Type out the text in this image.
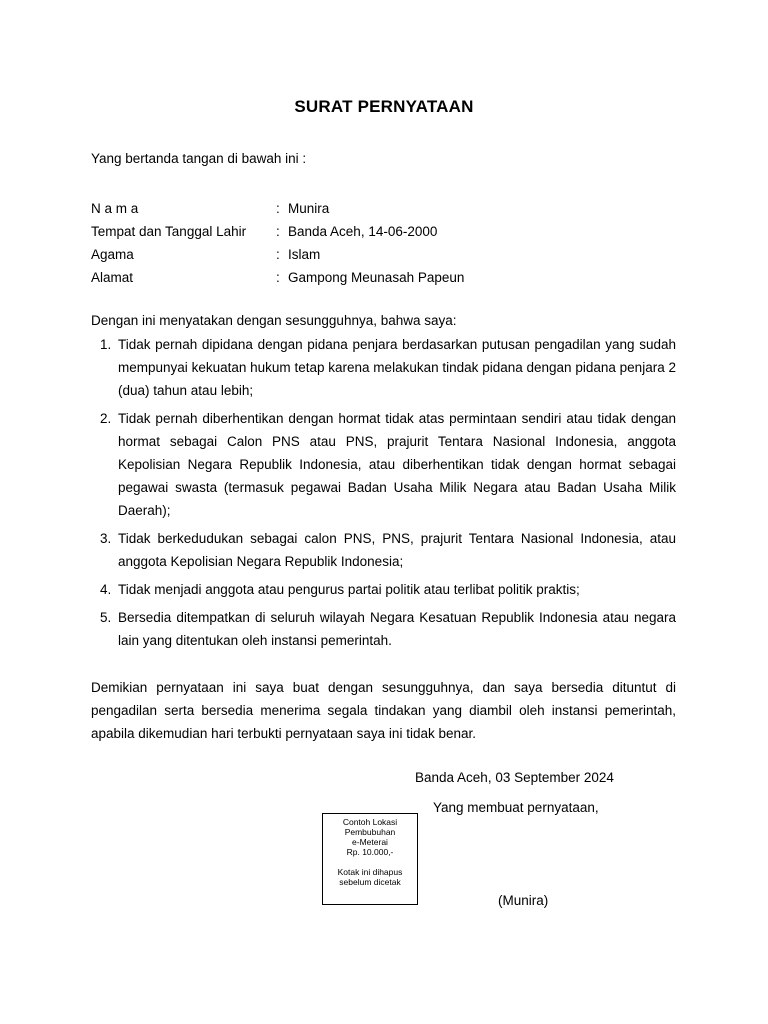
SURAT PERNYATAAN
Yang bertanda tangan di bawah ini :
N a m a	: Munira
Tempat dan Tanggal Lahir	: Banda Aceh, 14-06-2000
Agama	: Islam
Alamat	: Gampong Meunasah Papeun
Dengan ini menyatakan dengan sesungguhnya, bahwa saya:
1. Tidak pernah dipidana dengan pidana penjara berdasarkan putusan pengadilan yang sudah mempunyai kekuatan hukum tetap karena melakukan tindak pidana dengan pidana penjara 2 (dua) tahun atau lebih;
2. Tidak pernah diberhentikan dengan hormat tidak atas permintaan sendiri atau tidak dengan hormat sebagai Calon PNS atau PNS, prajurit Tentara Nasional Indonesia, anggota Kepolisian Negara Republik Indonesia, atau diberhentikan tidak dengan hormat sebagai pegawai swasta (termasuk pegawai Badan Usaha Milik Negara atau Badan Usaha Milik Daerah);
3. Tidak berkedudukan sebagai calon PNS, PNS, prajurit Tentara Nasional Indonesia, atau anggota Kepolisian Negara Republik Indonesia;
4. Tidak menjadi anggota atau pengurus partai politik atau terlibat politik praktis;
5. Bersedia ditempatkan di seluruh wilayah Negara Kesatuan Republik Indonesia atau negara lain yang ditentukan oleh instansi pemerintah.
Demikian pernyataan ini saya buat dengan sesungguhnya, dan saya bersedia dituntut di pengadilan serta bersedia menerima segala tindakan yang diambil oleh instansi pemerintah, apabila dikemudian hari terbukti pernyataan saya ini tidak benar.
Banda Aceh, 03 September 2024
Yang membuat pernyataan,
Contoh Lokasi
Pembubuhan
e-Meterai
Rp. 10.000,-
Kotak ini dihapus
sebelum dicetak
(Munira)
